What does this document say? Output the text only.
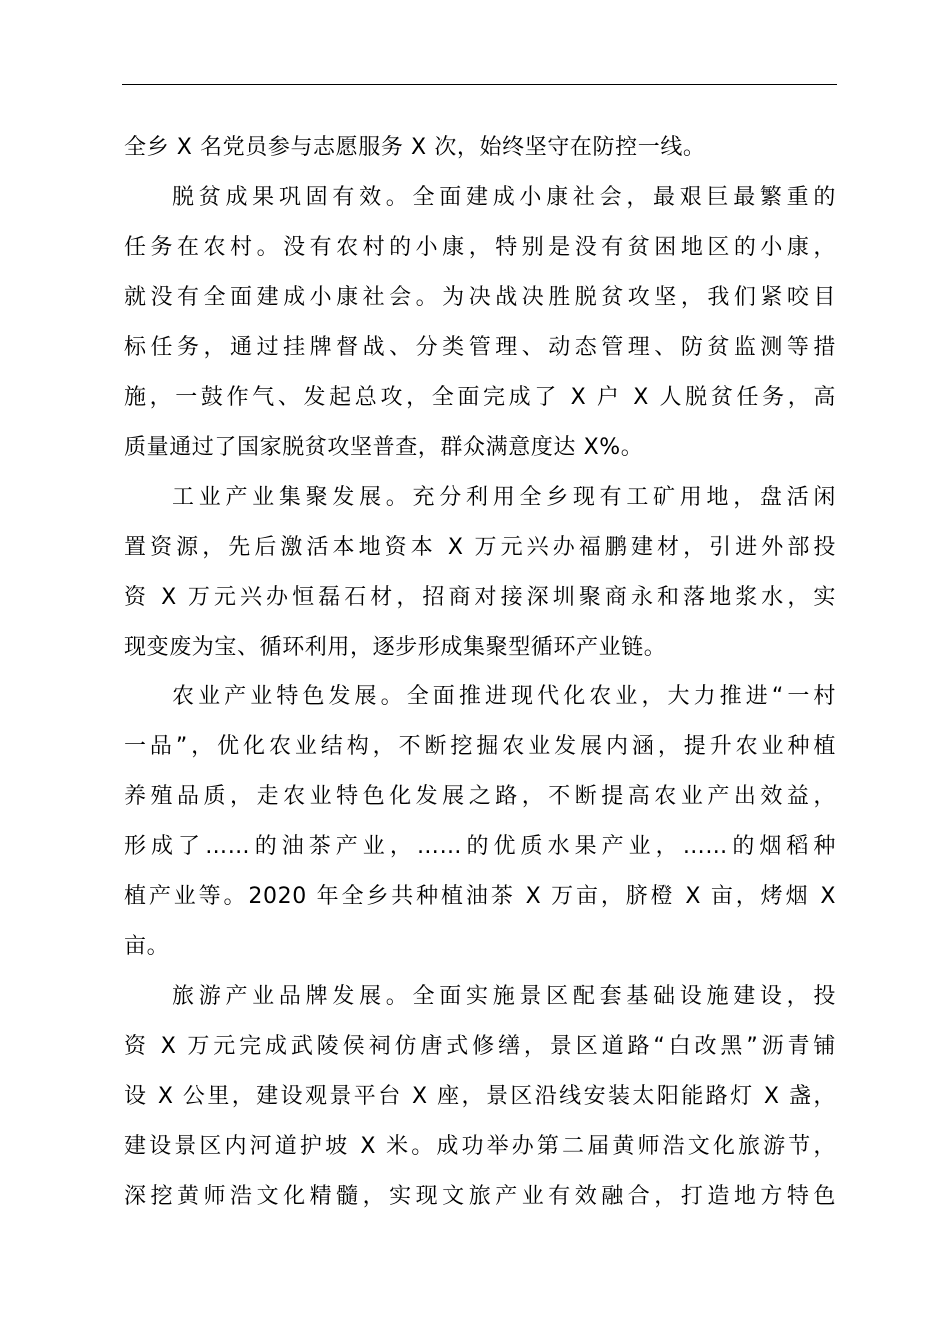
全乡 X 名党员参与志愿服务 X 次，始终坚守在防控一线。
脱贫成果巩固有效。全面建成小康社会，最艰巨最繁重的
任务在农村。没有农村的小康，特别是没有贫困地区的小康，
就没有全面建成小康社会。为决战决胜脱贫攻坚，我们紧咬目
标任务，通过挂牌督战、分类管理、动态管理、防贫监测等措
施，一鼓作气、发起总攻，全面完成了 X 户 X 人脱贫任务，高
质量通过了国家脱贫攻坚普查，群众满意度达 X%。
工业产业集聚发展。充分利用全乡现有工矿用地，盘活闲
置资源，先后激活本地资本 X 万元兴办福鹏建材，引进外部投
资 X 万元兴办恒磊石材，招商对接深圳聚商永和落地浆水，实
现变废为宝、循环利用，逐步形成集聚型循环产业链。
农业产业特色发展。全面推进现代化农业，大力推进“一村
一品”，优化农业结构，不断挖掘农业发展内涵，提升农业种植
养殖品质，走农业特色化发展之路，不断提高农业产出效益，
形成了……的油茶产业，……的优质水果产业，……的烟稻种
植产业等。2020 年全乡共种植油茶 X 万亩，脐橙 X 亩，烤烟 X
亩。
旅游产业品牌发展。全面实施景区配套基础设施建设，投
资 X 万元完成武陵侯祠仿唐式修缮，景区道路“白改黑”沥青铺
设 X 公里，建设观景平台 X 座，景区沿线安装太阳能路灯 X 盏，
建设景区内河道护坡 X 米。成功举办第二届黄师浩文化旅游节，
深挖黄师浩文化精髓，实现文旅产业有效融合，打造地方特色
